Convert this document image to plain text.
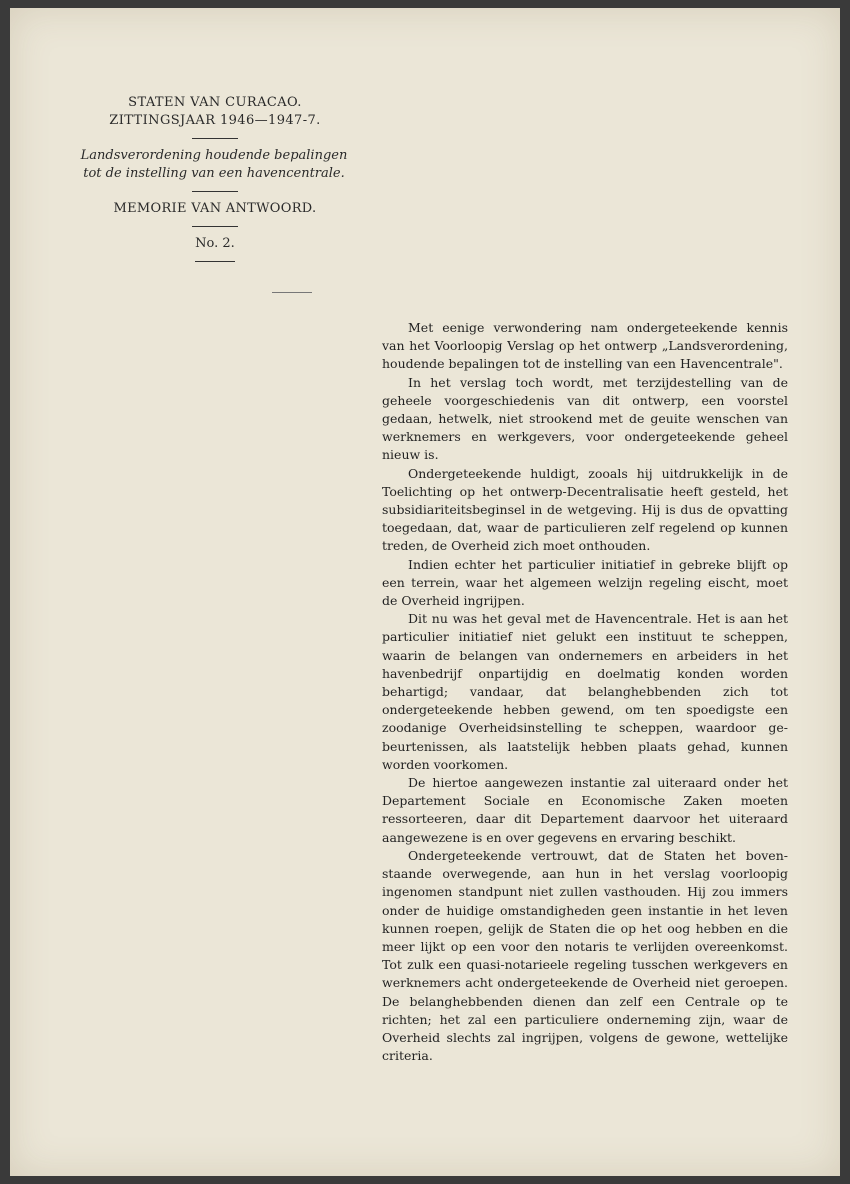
STATEN VAN CURACAO.
ZITTINGSJAAR 1946—1947-7.
Landsverordening houdende bepalingen
tot de instelling van een havencentrale.
MEMORIE VAN ANTWOORD.
No. 2.

Met eenige verwondering nam ondergeteekende kennis van het Voorloopig Verslag op het ontwerp „Landsverordening, houdende bepalingen tot de instelling van een Havencentrale".

In het verslag toch wordt, met terzijdestelling van de geheele voorgeschiedenis van dit ontwerp, een voorstel gedaan, hetwelk, niet strookend met de geuite wenschen van werknemers en werkgevers, voor ondergeteekende geheel nieuw is.

Ondergeteekende huldigt, zooals hij uitdrukkelijk in de Toelichting op het ontwerp-Decentralisatie heeft gesteld, het subsidiariteitsbeginsel in de wetgeving. Hij is dus de opvatting toegedaan, dat, waar de particulieren zelf regelend op kunnen treden, de Overheid zich moet onthouden.

Indien echter het particulier initiatief in gebreke blijft op een terrein, waar het algemeen welzijn regeling eischt, moet de Overheid ingrijpen.

Dit nu was het geval met de Havencentrale. Het is aan het particulier initiatief niet gelukt een instituut te scheppen, waarin de belangen van ondernemers en arbeiders in het havenbedrijf onpartijdig en doelmatig konden worden behartigd; vandaar, dat belanghebbenden zich tot ondergeteekende hebben gewend, om ten spoedigste een zoodanige Overheidsinstelling te scheppen, waardoor gebeurtenissen, als laatstelijk hebben plaats gehad, kunnen worden voorkomen.

De hiertoe aangewezen instantie zal uiteraard onder het Departement Sociale en Economische Zaken moeten ressorteeren, daar dit Departement daarvoor het uiteraard aangewezene is en over gegevens en ervaring beschikt.

Ondergeteekende vertrouwt, dat de Staten het bovenstaande overwegende, aan hun in het verslag voorloopig ingenomen standpunt niet zullen vasthouden. Hij zou immers onder de huidige omstandigheden geen instantie in het leven kunnen roepen, gelijk de Staten die op het oog hebben en die meer lijkt op een voor den notaris te verlijden overeenkomst. Tot zulk een quasi-notarieele regeling tusschen werkgevers en werknemers acht ondergeteekende de Overheid niet geroepen. De belanghebbenden dienen dan zelf een Centrale op te richten; het zal een particuliere onderneming zijn, waar de Overheid slechts zal ingrijpen, volgens de gewone, wettelijke criteria.
